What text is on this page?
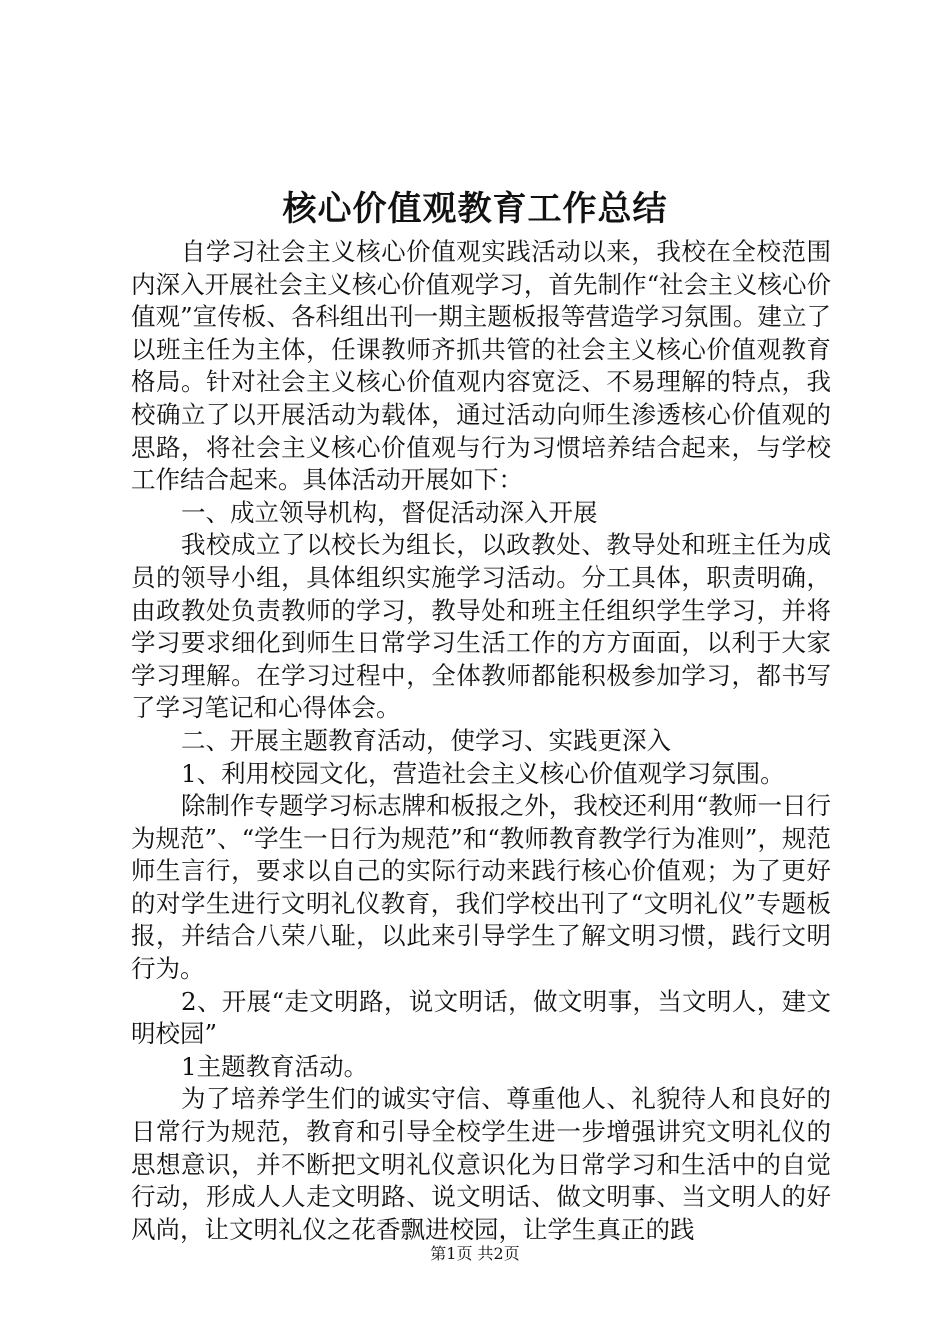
核心价值观教育工作总结

自学习社会主义核心价值观实践活动以来，我校在全校范围内深入开展社会主义核心价值观学习，首先制作“社会主义核心价值观”宣传板、各科组出刊一期主题板报等营造学习氛围。建立了以班主任为主体，任课教师齐抓共管的社会主义核心价值观教育格局。针对社会主义核心价值观内容宽泛、不易理解的特点，我校确立了以开展活动为载体，通过活动向师生渗透核心价值观的思路，将社会主义核心价值观与行为习惯培养结合起来，与学校工作结合起来。具体活动开展如下：

一、成立领导机构，督促活动深入开展

我校成立了以校长为组长，以政教处、教导处和班主任为成员的领导小组，具体组织实施学习活动。分工具体，职责明确，由政教处负责教师的学习，教导处和班主任组织学生学习，并将学习要求细化到师生日常学习生活工作的方方面面，以利于大家学习理解。在学习过程中，全体教师都能积极参加学习，都书写了学习笔记和心得体会。

二、开展主题教育活动，使学习、实践更深入

1、利用校园文化，营造社会主义核心价值观学习氛围。

除制作专题学习标志牌和板报之外，我校还利用“教师一日行为规范”、“学生一日行为规范”和“教师教育教学行为准则”，规范师生言行，要求以自己的实际行动来践行核心价值观；为了更好的对学生进行文明礼仪教育，我们学校出刊了“文明礼仪”专题板报，并结合八荣八耻，以此来引导学生了解文明习惯，践行文明行为。

2、开展“走文明路，说文明话，做文明事，当文明人，建文明校园”

1主题教育活动。

为了培养学生们的诚实守信、尊重他人、礼貌待人和良好的日常行为规范，教育和引导全校学生进一步增强讲究文明礼仪的思想意识，并不断把文明礼仪意识化为日常学习和生活中的自觉行动，形成人人走文明路、说文明话、做文明事、当文明人的好风尚，让文明礼仪之花香飘进校园，让学生真正的践

第1页 共2页
